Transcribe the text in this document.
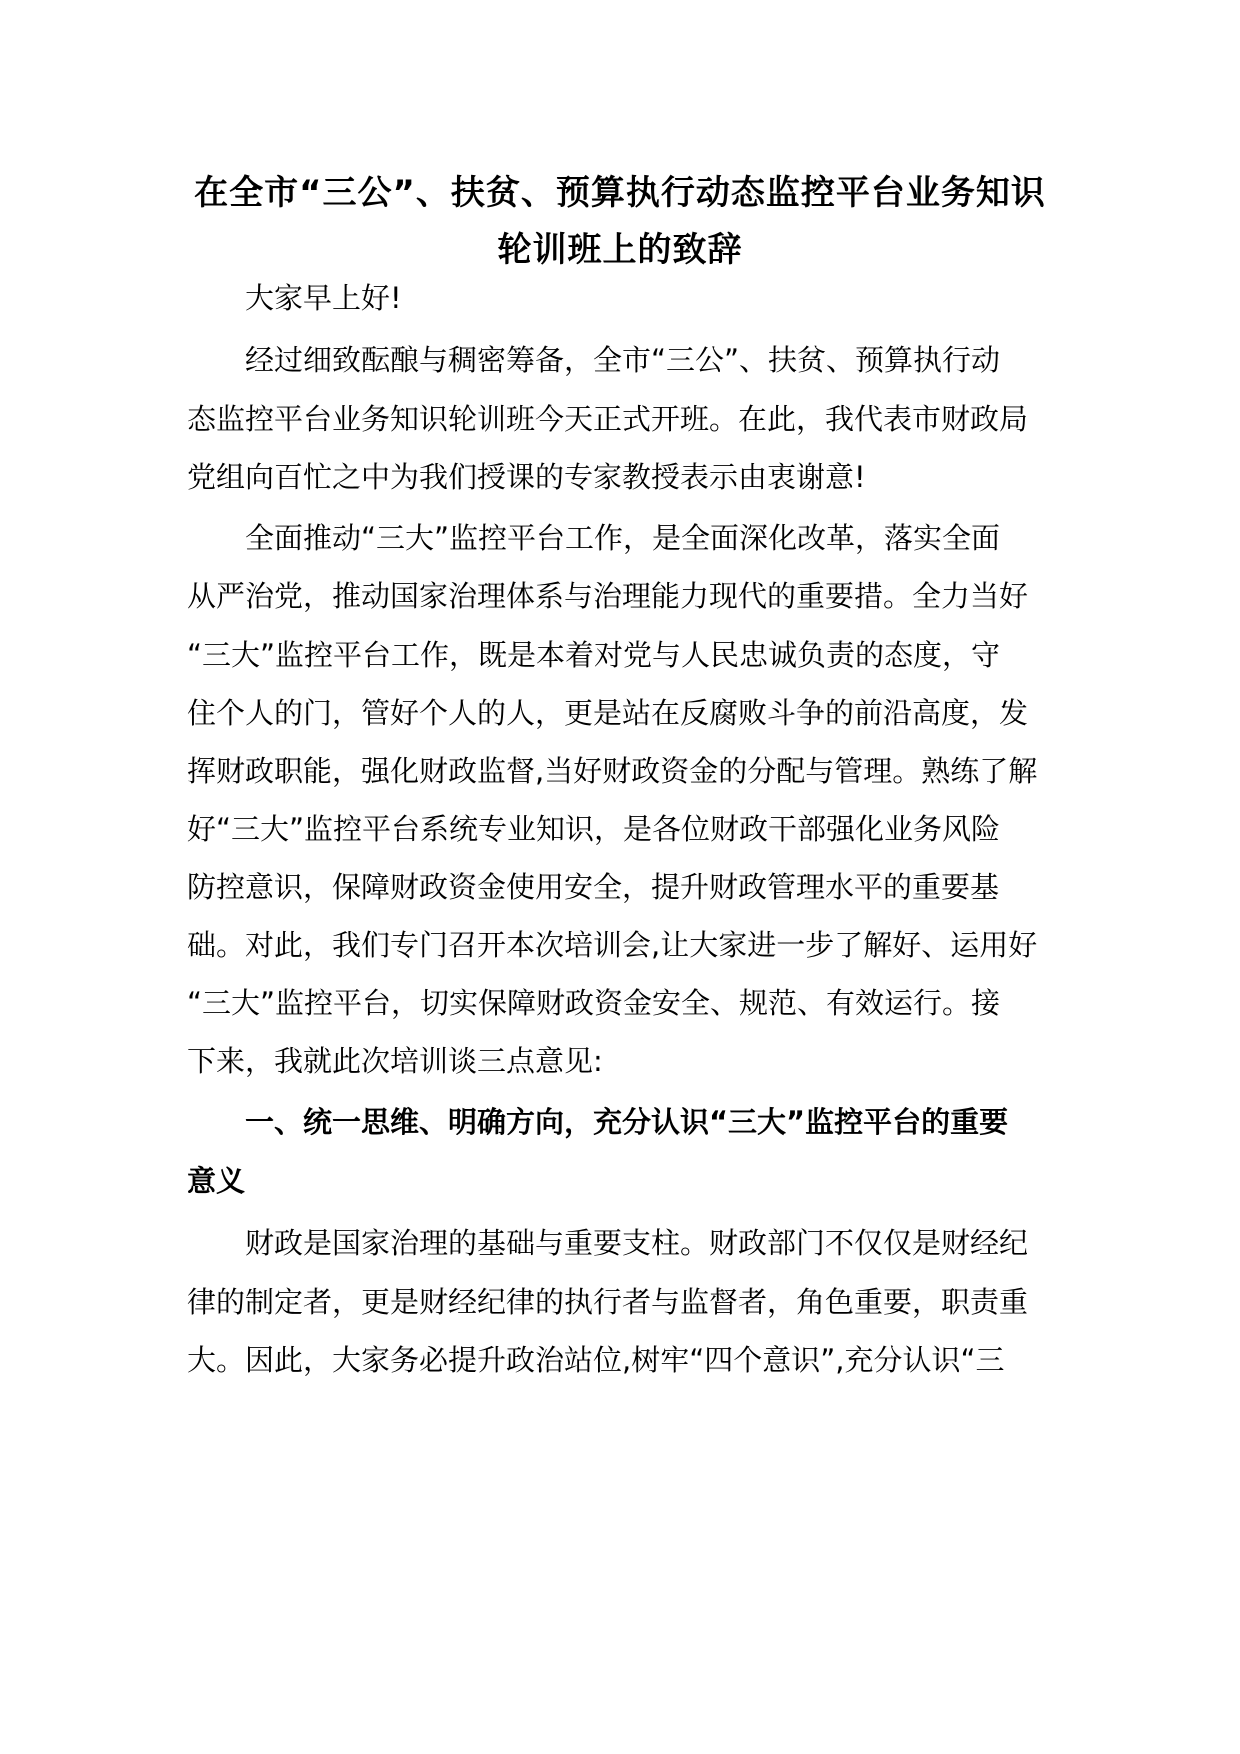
在全市“三公”、扶贫、预算执行动态监控平台业务知识
轮训班上的致辞
大家早上好!
经过细致酝酿与稠密筹备，全市“三公”、扶贫、预算执行动
态监控平台业务知识轮训班今天正式开班。在此，我代表市财政局
党组向百忙之中为我们授课的专家教授表示由衷谢意!
全面推动“三大”监控平台工作，是全面深化改革，落实全面
从严治党，推动国家治理体系与治理能力现代的重要措。全力当好
“三大”监控平台工作，既是本着对党与人民忠诚负责的态度，守
住个人的门，管好个人的人，更是站在反腐败斗争的前沿高度，发
挥财政职能，强化财政监督,当好财政资金的分配与管理。熟练了解
好“三大”监控平台系统专业知识，是各位财政干部强化业务风险
防控意识，保障财政资金使用安全，提升财政管理水平的重要基
础。对此，我们专门召开本次培训会,让大家进一步了解好、运用好
“三大”监控平台，切实保障财政资金安全、规范、有效运行。接
下来，我就此次培训谈三点意见:
一、统一思维、明确方向，充分认识“三大”监控平台的重要
意义
财政是国家治理的基础与重要支柱。财政部门不仅仅是财经纪
律的制定者，更是财经纪律的执行者与监督者，角色重要，职责重
大。因此，大家务必提升政治站位,树牢“四个意识”,充分认识“三
